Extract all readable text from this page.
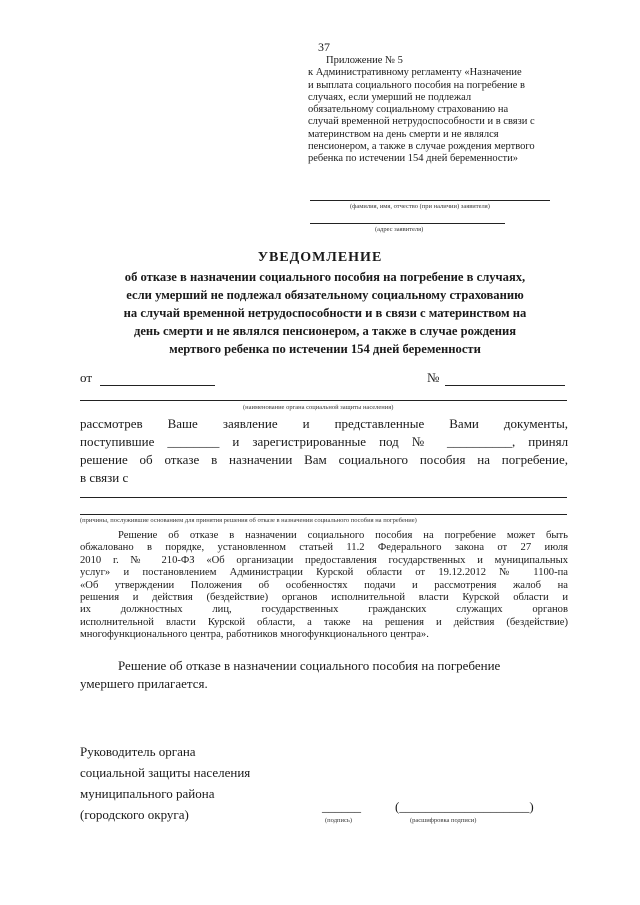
37
Приложение № 5
к Административному регламенту «Назначение
и выплата социального пособия на погребение в
случаях, если умерший не подлежал
обязательному социальному страхованию на
случай временной нетрудоспособности и в связи с
материнством на день смерти и не являлся
пенсионером, а также в случае рождения мертвого
ребенка по истечении 154 дней беременности»
(фамилия, имя, отчество (при наличии) заявителя)
(адрес заявителя)
УВЕДОМЛЕНИЕ
об отказе в назначении социального пособия на погребение в случаях,
если умерший не подлежал обязательному социальному страхованию
на случай временной нетрудоспособности и в связи с материнством на
день смерти и не являлся пенсионером, а также в случае рождения
мертвого ребенка по истечении 154 дней беременности
от	№
(наименование органа социальной защиты населения)
рассмотрев Ваше заявление и представленные Вами документы,
поступившие ________ и зарегистрированные под № __________, принял
решение об отказе в назначении Вам социального пособия на погребение,
в связи с
(причины, послужившие основанием для принятия решения об отказе в назначении социального пособия на погребение)
Решение об отказе в назначении социального пособия на погребение может быть
обжаловано в порядке, установленном статьей 11.2 Федерального закона от 27 июля
2010 г. № 210-ФЗ «Об организации предоставления государственных и муниципальных
услуг» и постановлением Администрации Курской области от 19.12.2012 № 1100-па
«Об утверждении Положения об особенностях подачи и рассмотрения жалоб на
решения и действия (бездействие) органов исполнительной власти Курской области и
их должностных лиц, государственных гражданских служащих органов
исполнительной власти Курской области, а также на решения и действия (бездействие)
многофункционального центра, работников многофункционального центра».
Решение об отказе в назначении социального пособия на погребение
умершего прилагается.
Руководитель органа
социальной защиты населения
муниципального района
(городского округа)
______	(____________________)
(подпись)	(расшифровка подписи)
